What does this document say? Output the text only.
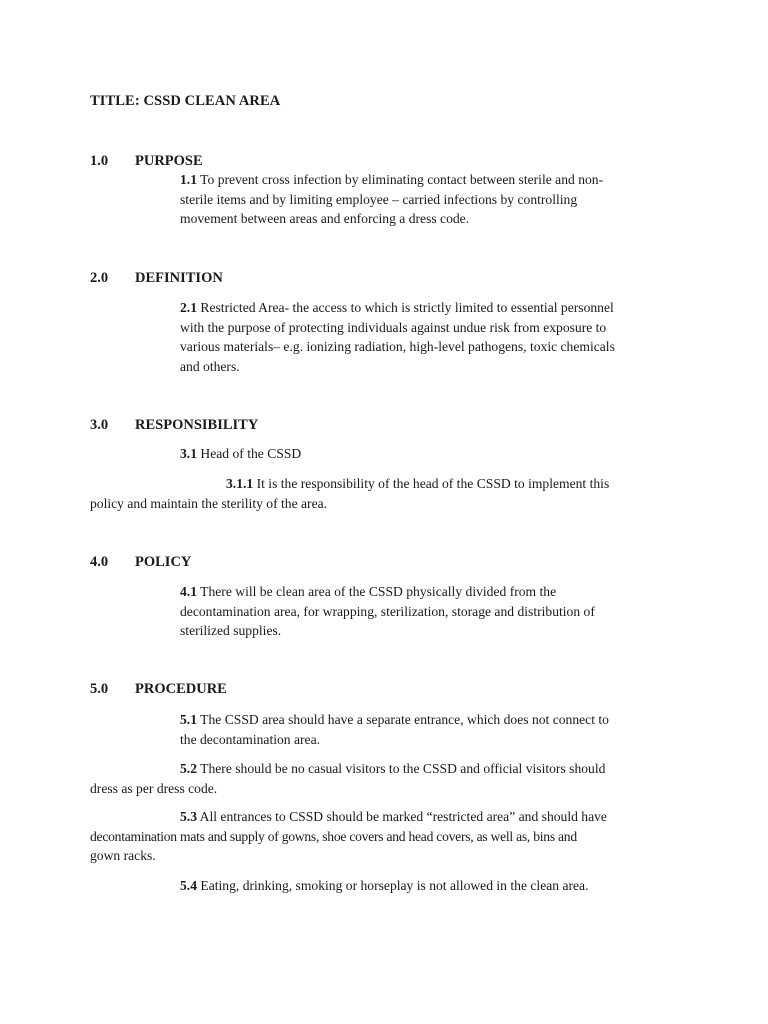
TITLE: CSSD CLEAN AREA
1.0 PURPOSE

1.1 To prevent cross infection by eliminating contact between sterile and non-
sterile items and by limiting employee – carried infections by controlling
movement between areas and enforcing a dress code.

2.0 DEFINITION

2.1 Restricted Area- the access to which is strictly limited to essential personnel
with the purpose of protecting individuals against undue risk from exposure to
various materials– e.g. ionizing radiation, high-level pathogens, toxic chemicals
and others.

3.0 RESPONSIBILITY

3.1 Head of the CSSD

3.1.1 It is the responsibility of the head of the CSSD to implement this
policy and maintain the sterility of the area.

4.0 POLICY

4.1 There will be clean area of the CSSD physically divided from the
decontamination area, for wrapping, sterilization, storage and distribution of
sterilized supplies.

5.0 PROCEDURE

5.1 The CSSD area should have a separate entrance, which does not connect to
the decontamination area.

5.2 There should be no casual visitors to the CSSD and official visitors should
dress as per dress code.

5.3 All entrances to CSSD should be marked “restricted area” and should have
decontamination mats and supply of gowns, shoe covers and head covers, as well as, bins and
gown racks.

5.4 Eating, drinking, smoking or horseplay is not allowed in the clean area.
